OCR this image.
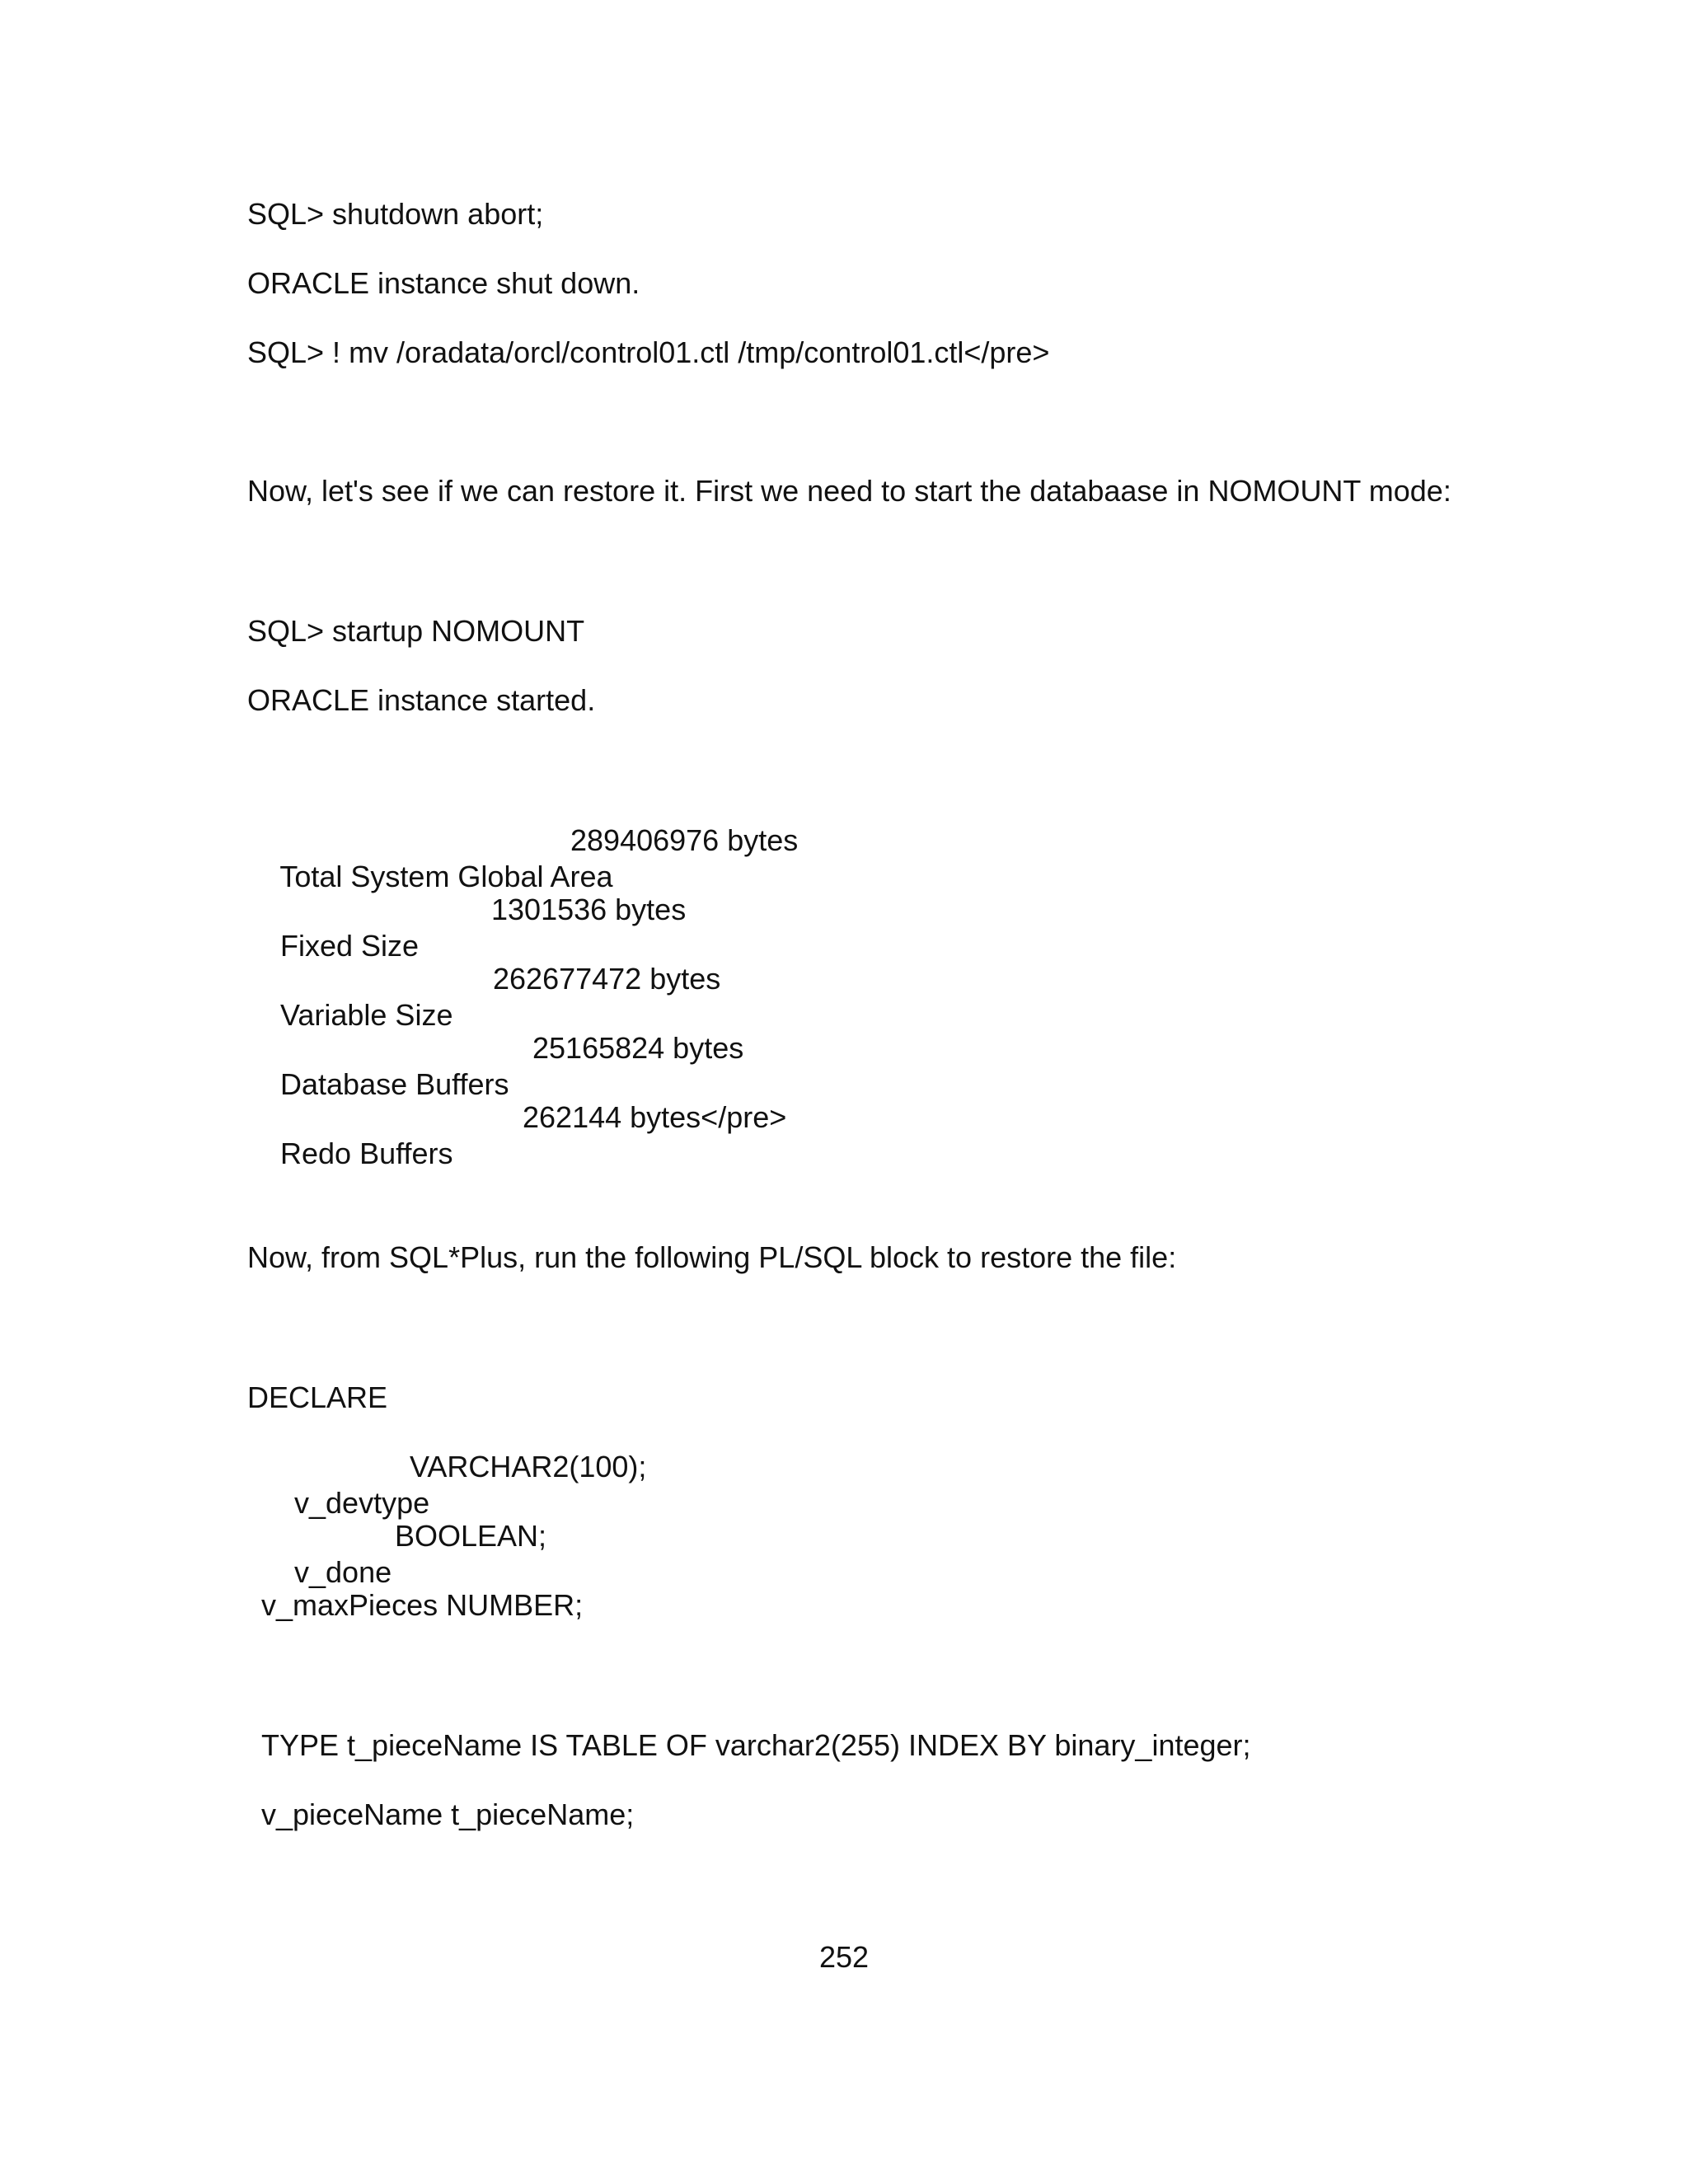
SQL> shutdown abort;

ORACLE instance shut down.

SQL> ! mv /oradata/orcl/control01.ctl /tmp/control01.ctl</pre>

Now, let's see if we can restore it. First we need to start the databaase in NOMOUNT mode:

SQL> startup NOMOUNT

ORACLE instance started.

Total System Global Area

289406976 bytes

Fixed Size

1301536 bytes

Variable Size

262677472 bytes

Database Buffers

25165824 bytes

Redo Buffers

262144 bytes</pre>

Now, from SQL*Plus, run the following PL/SQL block to restore the file:

DECLARE

v_devtype

VARCHAR2(100);

v_done

BOOLEAN;

v_maxPieces NUMBER;

TYPE t_pieceName IS TABLE OF varchar2(255) INDEX BY binary_integer;

v_pieceName t_pieceName;

252
